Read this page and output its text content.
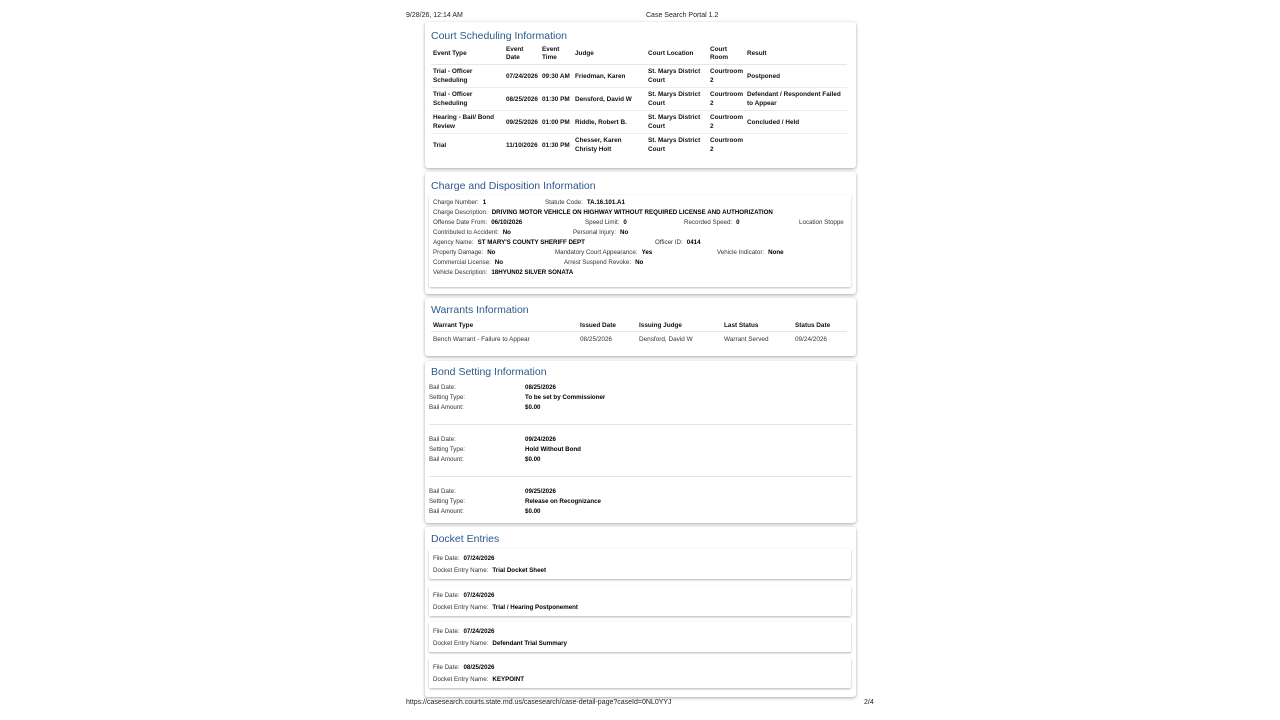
9/28/26, 12:14 AM	Case Search Portal 1.2
https://casesearch.courts.state.md.us/casesearch/case-detail-page?caseId=0NL0YYJ	2/4
Court Scheduling Information
Event Type	Event Date	Event Time	Judge	Court Location	Court Room	Result
Trial - Officer Scheduling	07/24/2026	09:30 AM	Friedman, Karen	St. Marys District Court	Courtroom 2	Postponed
Trial - Officer Scheduling	08/25/2026	01:30 PM	Densford, David W	St. Marys District Court	Courtroom 2	Defendant / Respondent Failed to Appear
Hearing - Bail/ Bond Review	09/25/2026	01:00 PM	Riddle, Robert B.	St. Marys District Court	Courtroom 2	Concluded / Held
Trial	11/10/2026	01:30 PM	Chesser, Karen Christy Holt	St. Marys District Court	Courtroom 2	
Charge and Disposition Information
Charge Number: 1	Statute Code: TA.16.101.A1
Charge Description: DRIVING MOTOR VEHICLE ON HIGHWAY WITHOUT REQUIRED LICENSE AND AUTHORIZATION
Offense Date From: 06/10/2026	Speed Limit: 0	Recorded Speed: 0	Location Stoppe
Contributed to Accident: No	Personal Injury: No
Agency Name: ST MARY'S COUNTY SHERIFF DEPT	Officer ID: 0414
Property Damage: No	Mandatory Court Appearance: Yes	Vehicle Indicator: None
Commercial License: No	Arrest Suspend Revoke: No
Vehicle Description: 18HYUN02 SILVER SONATA
Warrants Information
Warrant Type	Issued Date	Issuing Judge	Last Status	Status Date
Bench Warrant - Failure to Appear	08/25/2026	Densford, David W	Warrant Served	09/24/2026
Bond Setting Information
Bail Date:	08/25/2026
Setting Type:	To be set by Commissioner
Bail Amount:	$0.00
Bail Date:	09/24/2026
Setting Type:	Hold Without Bond
Bail Amount:	$0.00
Bail Date:	09/25/2026
Setting Type:	Release on Recognizance
Bail Amount:	$0.00
Docket Entries
File Date: 07/24/2026
Docket Entry Name: Trial Docket Sheet
File Date: 07/24/2026
Docket Entry Name: Trial / Hearing Postponement
File Date: 07/24/2026
Docket Entry Name: Defendant Trial Summary
File Date: 08/25/2026
Docket Entry Name: KEYPOINT
